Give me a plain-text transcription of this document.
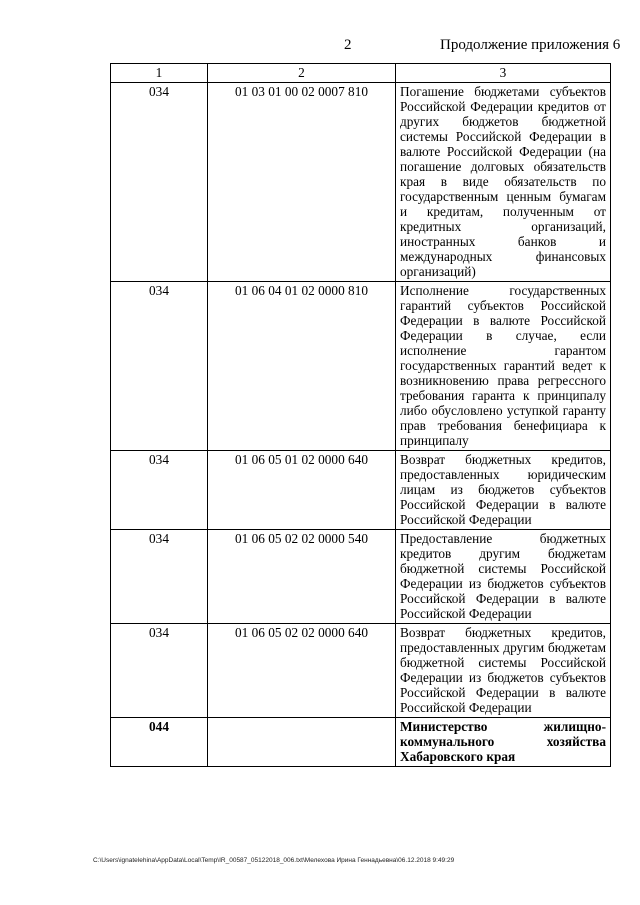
2	Продолжение приложения 6
1	2	3
034	01 03 01 00 02 0007 810	Погашение бюджетами субъектов Российской Федерации кредитов от других бюджетов бюджетной системы Российской Федерации в валюте Российской Федерации (на погашение долговых обязательств края в виде обязательств по государственным ценным бумагам и кредитам, полученным от кредитных организаций, иностранных банков и международных финансовых организаций)
034	01 06 04 01 02 0000 810	Исполнение государственных гарантий субъектов Российской Федерации в валюте Российской Федерации в случае, если исполнение гарантом государственных гарантий ведет к возникновению права регрессного требования гаранта к принципалу либо обусловлено уступкой гаранту прав требования бенефициара к принципалу
034	01 06 05 01 02 0000 640	Возврат бюджетных кредитов, предоставленных юридическим лицам из бюджетов субъектов Российской Федерации в валюте Российской Федерации
034	01 06 05 02 02 0000 540	Предоставление бюджетных кредитов другим бюджетам бюджетной системы Российской Федерации из бюджетов субъектов Российской Федерации в валюте Российской Федерации
034	01 06 05 02 02 0000 640	Возврат бюджетных кредитов, предоставленных другим бюджетам бюджетной системы Российской Федерации из бюджетов субъектов Российской Федерации в валюте Российской Федерации
044		Министерство жилищно-коммунального хозяйства Хабаровского края
C:\Users\ignatelehina\AppData\Local\Temp\IR_00587_05122018_006.txt\Мелехова Ирина Геннадьевна\06.12.2018 9:49:29
